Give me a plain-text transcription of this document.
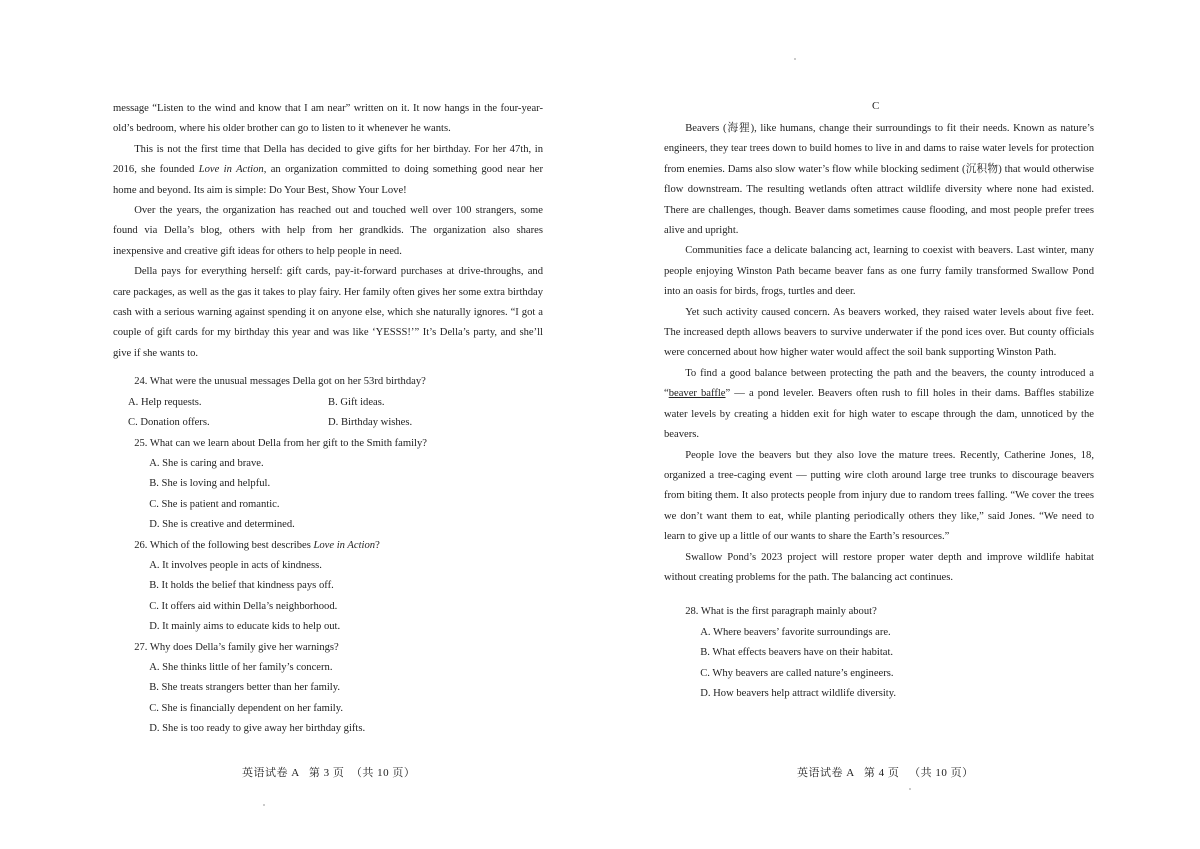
message “Listen to the wind and know that I am near” written on it. It now hangs in the four-year-old’s bedroom, where his older brother can go to listen to it whenever he wants.

This is not the first time that Della has decided to give gifts for her birthday. For her 47th, in 2016, she founded Love in Action, an organization committed to doing something good near her home and beyond. Its aim is simple: Do Your Best, Show Your Love!

Over the years, the organization has reached out and touched well over 100 strangers, some found via Della’s blog, others with help from her grandkids. The organization also shares inexpensive and creative gift ideas for others to help people in need.

Della pays for everything herself: gift cards, pay-it-forward purchases at drive-throughs, and care packages, as well as the gas it takes to play fairy. Her family often gives her some extra birthday cash with a serious warning against spending it on anyone else, which she naturally ignores. “I got a couple of gift cards for my birthday this year and was like ‘YESSS!’” It’s Della’s party, and she’ll give if she wants to.

24. What were the unusual messages Della got on her 53rd birthday?

A. Help requests.	B. Gift ideas.
C. Donation offers.	D. Birthday wishes.

25. What can we learn about Della from her gift to the Smith family?

A. She is caring and brave.

B. She is loving and helpful.

C. She is patient and romantic.

D. She is creative and determined.

26. Which of the following best describes Love in Action?

A. It involves people in acts of kindness.

B. It holds the belief that kindness pays off.

C. It offers aid within Della’s neighborhood.

D. It mainly aims to educate kids to help out.

27. Why does Della’s family give her warnings?

A. She thinks little of her family’s concern.

B. She treats strangers better than her family.

C. She is financially dependent on her family.

D. She is too ready to give away her birthday gifts.

英语试卷 A   第 3 页  （共 10 页）
C

Beavers (海狸), like humans, change their surroundings to fit their needs. Known as nature’s engineers, they tear trees down to build homes to live in and dams to raise water levels for protection from enemies. Dams also slow water’s flow while blocking sediment (沉积物) that would otherwise flow downstream. The resulting wetlands often attract wildlife diversity where none had existed. There are challenges, though. Beaver dams sometimes cause flooding, and most people prefer trees alive and upright.

Communities face a delicate balancing act, learning to coexist with beavers. Last winter, many people enjoying Winston Path became beaver fans as one furry family transformed Swallow Pond into an oasis for birds, frogs, turtles and deer.

Yet such activity caused concern. As beavers worked, they raised water levels about five feet. The increased depth allows beavers to survive underwater if the pond ices over. But county officials were concerned about how higher water would affect the soil bank supporting Winston Path.

To find a good balance between protecting the path and the beavers, the county introduced a “beaver baffle” — a pond leveler. Beavers often rush to fill holes in their dams. Baffles stabilize water levels by creating a hidden exit for high water to escape through the dam, unnoticed by the beavers.

People love the beavers but they also love the mature trees. Recently, Catherine Jones, 18, organized a tree-caging event — putting wire cloth around large tree trunks to discourage beavers from biting them. It also protects people from injury due to random trees falling. “We cover the trees we don’t want them to eat, while planting periodically others they like,” said Jones. “We need to learn to give up a little of our wants to share the Earth’s resources.”

Swallow Pond’s 2023 project will restore proper water depth and improve wildlife habitat without creating problems for the path. The balancing act continues.

28. What is the first paragraph mainly about?

A. Where beavers’ favorite surroundings are.

B. What effects beavers have on their habitat.

C. Why beavers are called nature’s engineers.

D. How beavers help attract wildlife diversity.

英语试卷 A   第 4 页   （共 10 页）
